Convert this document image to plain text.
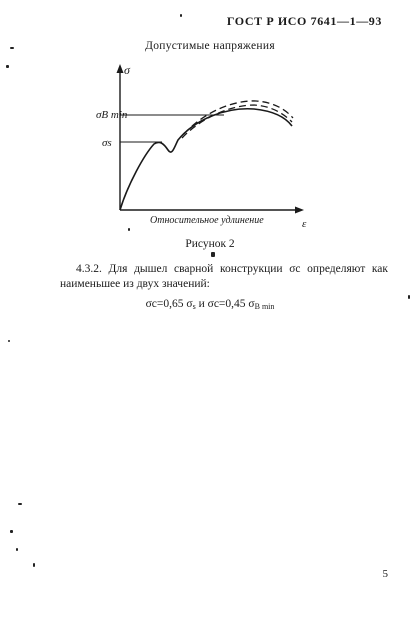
ГОСТ Р ИСО 7641—1—93
Допустимые напряжения
σ
σB min
σs
Относительное удлинение	ε
Рисунок 2
4.3.2. Для дышел сварной конструкции σc определяют как наименьшее из двух значений:
σc=0,65 $\sigma_s$ и σc=0,45 $\sigma_{B min}$
5
